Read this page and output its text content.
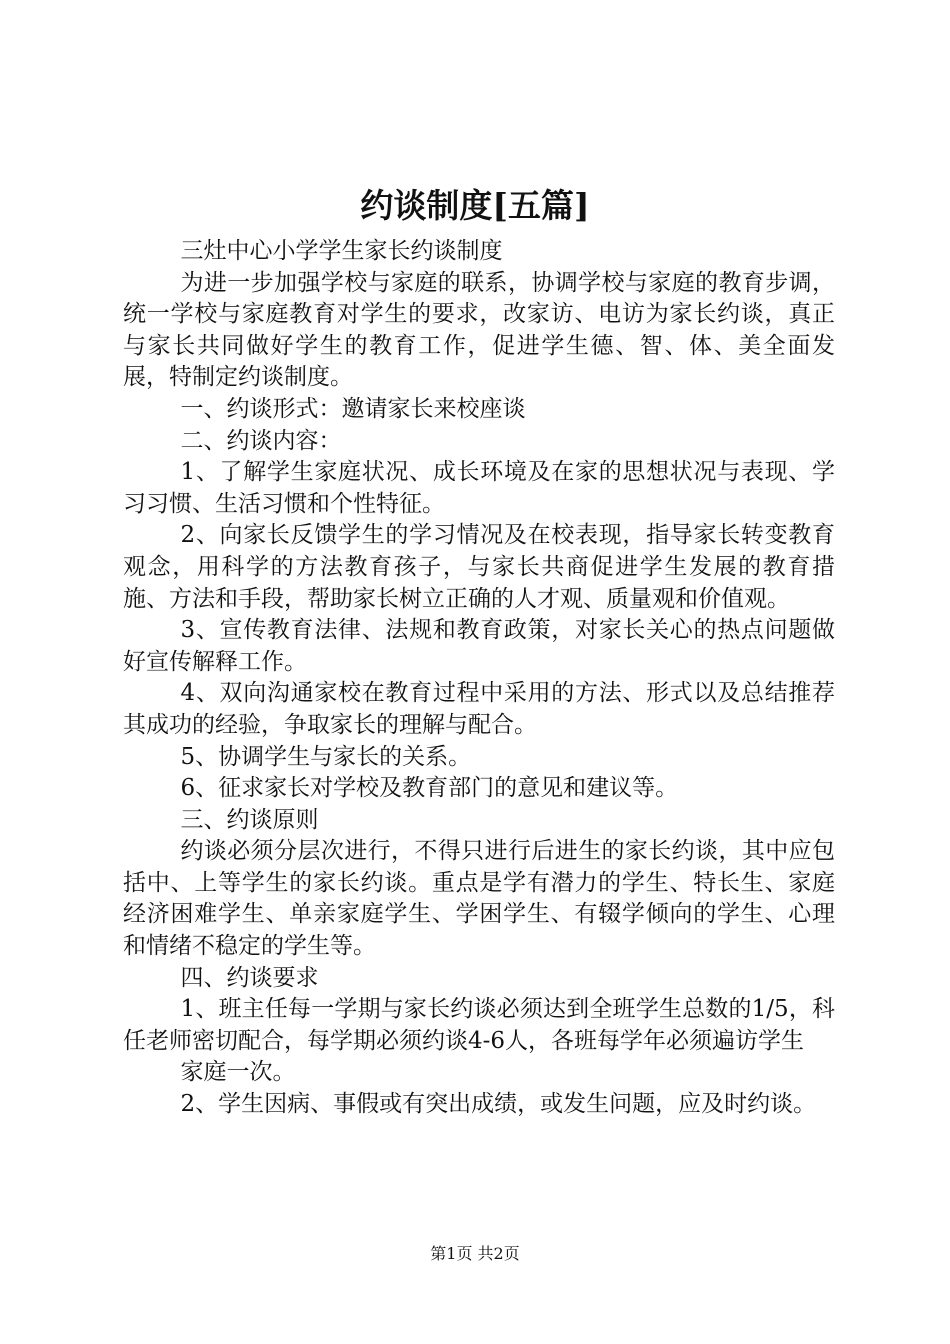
约谈制度[五篇]

三灶中心小学学生家长约谈制度

为进一步加强学校与家庭的联系，协调学校与家庭的教育步调，统一学校与家庭教育对学生的要求，改家访、电访为家长约谈，真正与家长共同做好学生的教育工作，促进学生德、智、体、美全面发展，特制定约谈制度。

一、约谈形式：邀请家长来校座谈

二、约谈内容：

1、了解学生家庭状况、成长环境及在家的思想状况与表现、学习习惯、生活习惯和个性特征。

2、向家长反馈学生的学习情况及在校表现，指导家长转变教育观念，用科学的方法教育孩子，与家长共商促进学生发展的教育措施、方法和手段，帮助家长树立正确的人才观、质量观和价值观。

3、宣传教育法律、法规和教育政策，对家长关心的热点问题做好宣传解释工作。

4、双向沟通家校在教育过程中采用的方法、形式以及总结推荐其成功的经验，争取家长的理解与配合。

5、协调学生与家长的关系。

6、征求家长对学校及教育部门的意见和建议等。

三、约谈原则

约谈必须分层次进行，不得只进行后进生的家长约谈，其中应包括中、上等学生的家长约谈。重点是学有潜力的学生、特长生、家庭经济困难学生、单亲家庭学生、学困学生、有辍学倾向的学生、心理和情绪不稳定的学生等。

四、约谈要求

1、班主任每一学期与家长约谈必须达到全班学生总数的1/5，科任老师密切配合，每学期必须约谈4-6人，各班每学年必须遍访学生

家庭一次。

2、学生因病、事假或有突出成绩，或发生问题，应及时约谈。

第1页 共2页
